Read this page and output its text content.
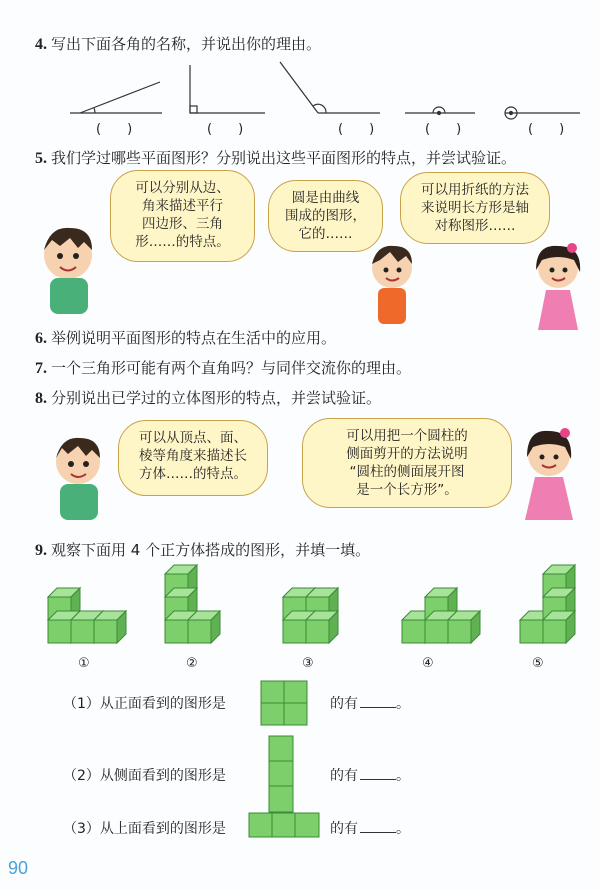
4. 写出下面各角的名称，并说出你的理由。
(　　)	(　　)	(　　)	(　　)	(　　)
5. 我们学过哪些平面图形？分别说出这些平面图形的特点，并尝试验证。
可以分别从边、
角来描述平行
四边形、三角
形……的特点。
圆是由曲线
围成的图形，
它的……
可以用折纸的方法
来说明长方形是轴
对称图形……
6. 举例说明平面图形的特点在生活中的应用。
7. 一个三角形可能有两个直角吗？与同伴交流你的理由。
8. 分别说出已学过的立体图形的特点，并尝试验证。
可以从顶点、面、
棱等角度来描述长
方体……的特点。
可以用把一个圆柱的
侧面剪开的方法说明
“圆柱的侧面展开图
是一个长方形”。
9. 观察下面用 4 个正方体搭成的图形，并填一填。
①	②	③	④	⑤
（1）从正面看到的图形是	的有	。
（2）从侧面看到的图形是	的有	。
（3）从上面看到的图形是	的有	。
90
